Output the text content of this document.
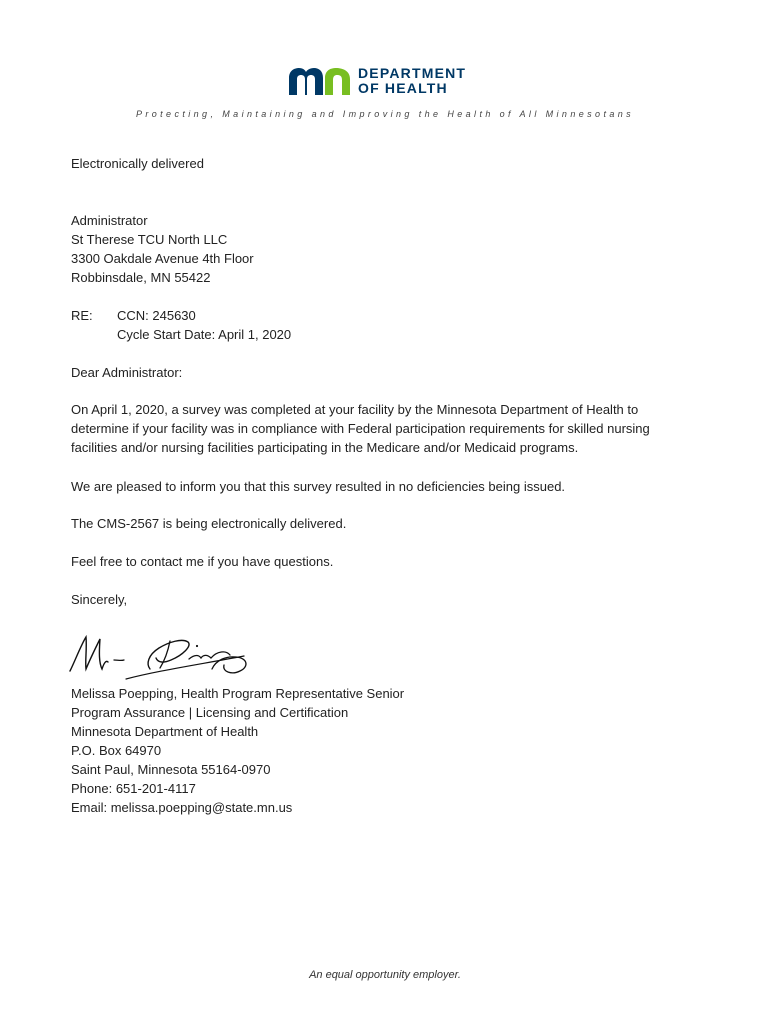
DEPARTMENT
OF HEALTH
Protecting, Maintaining and Improving the Health of All Minnesotans
Electronically delivered
Administrator
St Therese TCU North LLC
3300 Oakdale Avenue 4th Floor
Robbinsdale, MN 55422
RE: CCN: 245630
Cycle Start Date: April 1, 2020
Dear Administrator:
On April 1, 2020, a survey was completed at your facility by the Minnesota Department of Health to
determine if your facility was in compliance with Federal participation requirements for skilled nursing
facilities and/or nursing facilities participating in the Medicare and/or Medicaid programs.
We are pleased to inform you that this survey resulted in no deficiencies being issued.
The CMS-2567 is being electronically delivered.
Feel free to contact me if you have questions.
Sincerely,
Melissa Poepping, Health Program Representative Senior
Program Assurance | Licensing and Certification
Minnesota Department of Health
P.O. Box 64970
Saint Paul, Minnesota 55164-0970
Phone: 651-201-4117
Email: melissa.poepping@state.mn.us
An equal opportunity employer.
